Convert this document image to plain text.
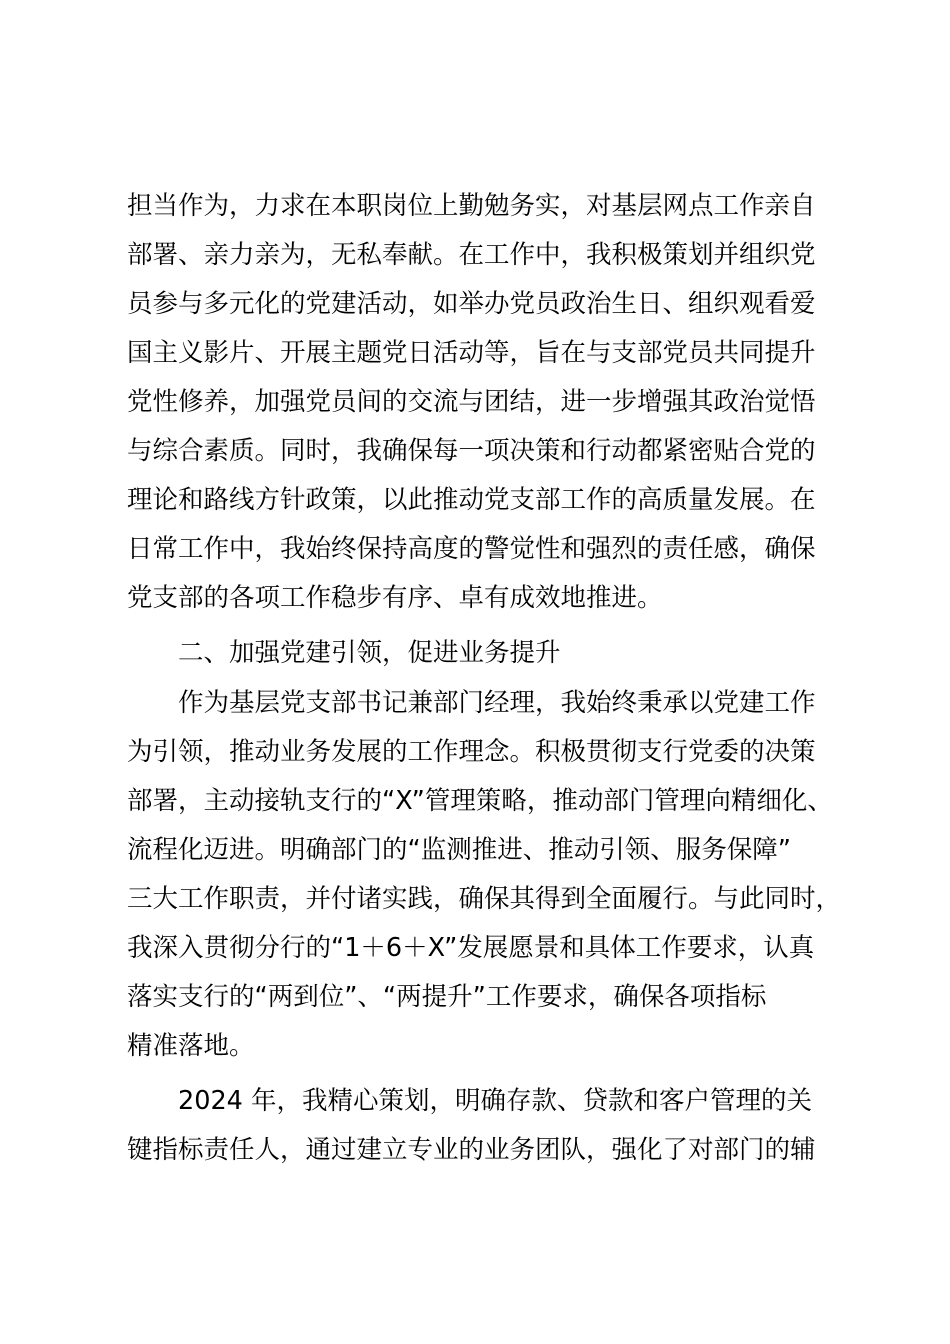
担当作为，力求在本职岗位上勤勉务实，对基层网点工作亲自
部署、亲力亲为，无私奉献。在工作中，我积极策划并组织党
员参与多元化的党建活动，如举办党员政治生日、组织观看爱
国主义影片、开展主题党日活动等，旨在与支部党员共同提升
党性修养，加强党员间的交流与团结，进一步增强其政治觉悟
与综合素质。同时，我确保每一项决策和行动都紧密贴合党的
理论和路线方针政策，以此推动党支部工作的高质量发展。在
日常工作中，我始终保持高度的警觉性和强烈的责任感，确保
党支部的各项工作稳步有序、卓有成效地推进。
二、加强党建引领，促进业务提升
作为基层党支部书记兼部门经理，我始终秉承以党建工作
为引领，推动业务发展的工作理念。积极贯彻支行党委的决策
部署，主动接轨支行的“X”管理策略，推动部门管理向精细化、
流程化迈进。明确部门的“监测推进、推动引领、服务保障”
三大工作职责，并付诸实践，确保其得到全面履行。与此同时，
我深入贯彻分行的“1＋6＋X”发展愿景和具体工作要求，认真
落实支行的“两到位”、“两提升”工作要求，确保各项指标
精准落地。
2024 年，我精心策划，明确存款、贷款和客户管理的关
键指标责任人，通过建立专业的业务团队，强化了对部门的辅
